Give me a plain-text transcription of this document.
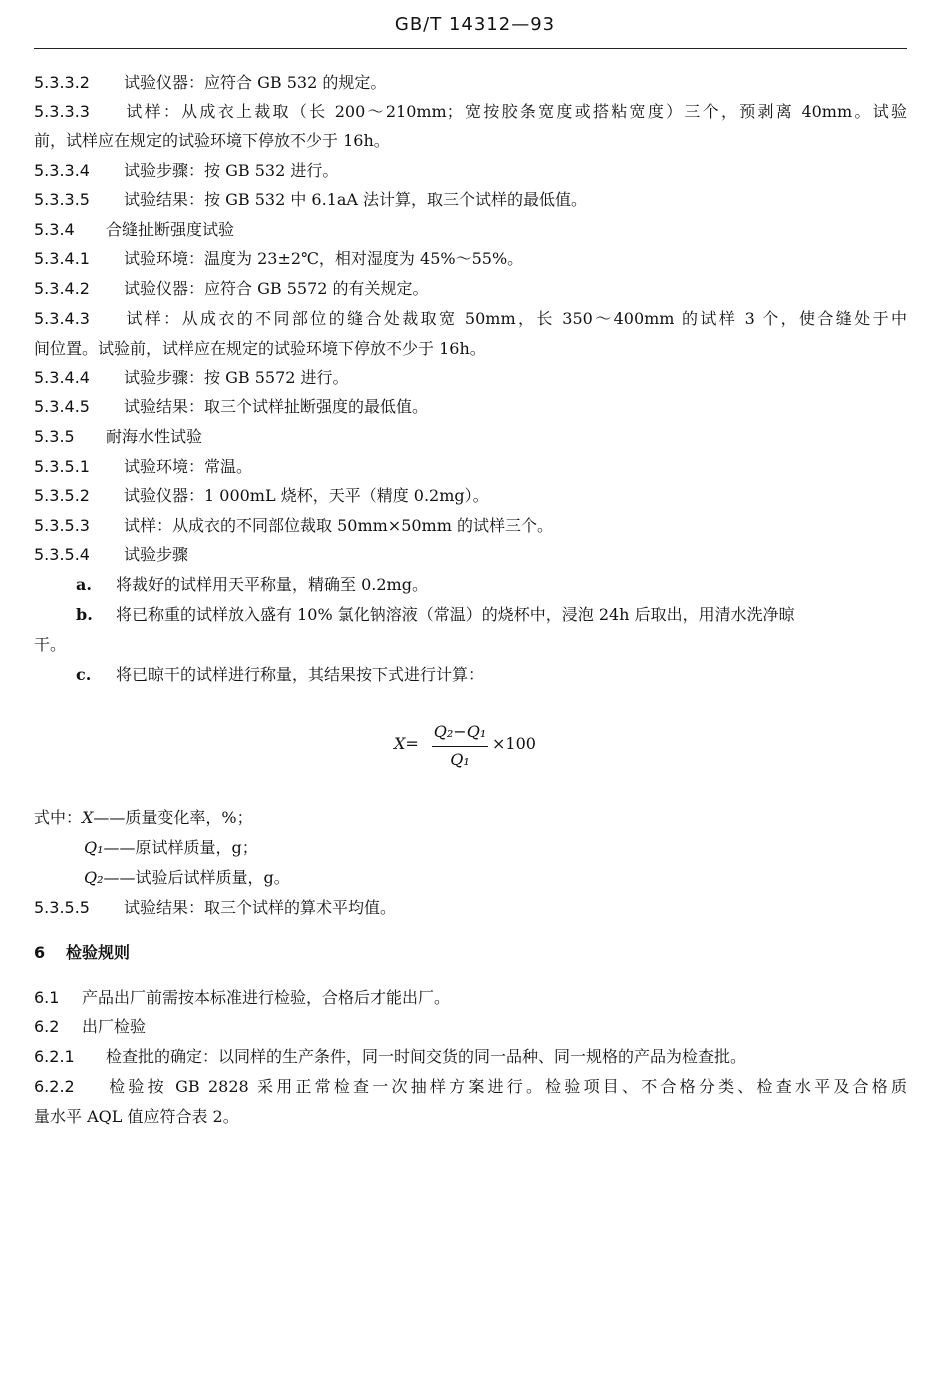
GB/T 14312—93
5.3.3.2 试验仪器：应符合 GB 532 的规定。
5.3.3.3 试样：从成衣上裁取（长 200～210mm；宽按胶条宽度或搭粘宽度）三个，预剥离 40mm。试验
前，试样应在规定的试验环境下停放不少于 16h。
5.3.3.4 试验步骤：按 GB 532 进行。
5.3.3.5 试验结果：按 GB 532 中 6.1aA 法计算，取三个试样的最低值。
5.3.4 合缝扯断强度试验
5.3.4.1 试验环境：温度为 23±2℃，相对湿度为 45%～55%。
5.3.4.2 试验仪器：应符合 GB 5572 的有关规定。
5.3.4.3 试样：从成衣的不同部位的缝合处裁取宽 50mm，长 350～400mm 的试样 3 个，使合缝处于中
间位置。试验前，试样应在规定的试验环境下停放不少于 16h。
5.3.4.4 试验步骤：按 GB 5572 进行。
5.3.4.5 试验结果：取三个试样扯断强度的最低值。
5.3.5 耐海水性试验
5.3.5.1 试验环境：常温。
5.3.5.2 试验仪器：1 000mL 烧杯，天平（精度 0.2mg）。
5.3.5.3 试样：从成衣的不同部位裁取 50mm×50mm 的试样三个。
5.3.5.4 试验步骤
a. 将裁好的试样用天平称量，精确至 0.2mg。
b. 将已称重的试样放入盛有 10% 氯化钠溶液（常温）的烧杯中，浸泡 24h 后取出，用清水洗净晾
干。
c. 将已晾干的试样进行称量，其结果按下式进行计算：
X=
Q₂−Q₁
Q₁
×100
式中：X——质量变化率，%；
Q₁——原试样质量，g；
Q₂——试验后试样质量，g。
5.3.5.5 试验结果：取三个试样的算术平均值。
6 检验规则
6.1 产品出厂前需按本标准进行检验，合格后才能出厂。
6.2 出厂检验
6.2.1 检查批的确定：以同样的生产条件，同一时间交货的同一品种、同一规格的产品为检查批。
6.2.2 检验按 GB 2828 采用正常检查一次抽样方案进行。检验项目、不合格分类、检查水平及合格质
量水平 AQL 值应符合表 2。
